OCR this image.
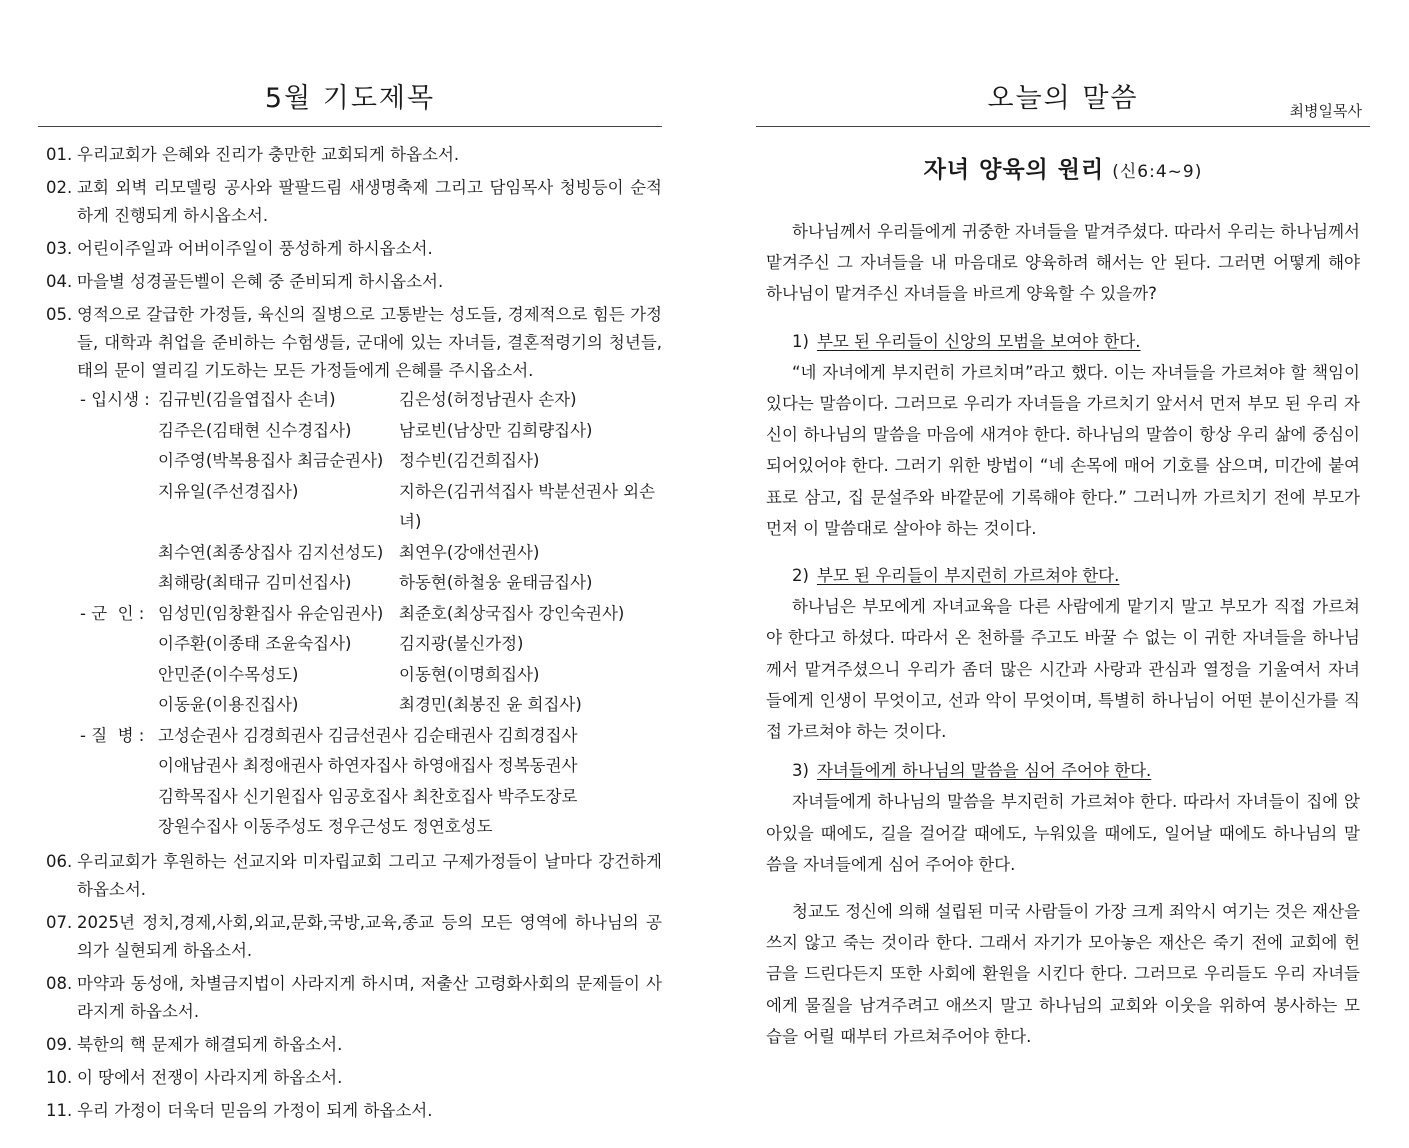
5월 기도제목
01. 우리교회가 은혜와 진리가 충만한 교회되게 하옵소서.
02. 교회 외벽 리모델링 공사와 팔팔드림 새생명축제 그리고 담임목사 청빙등이 순적하게 진행되게 하시옵소서.
03. 어린이주일과 어버이주일이 풍성하게 하시옵소서.
04. 마을별 성경골든벨이 은혜 중 준비되게 하시옵소서.
05. 영적으로 갈급한 가정들, 육신의 질병으로 고통받는 성도들, 경제적으로 힘든 가정들, 대학과 취업을 준비하는 수험생들, 군대에 있는 자녀들, 결혼적령기의 청년들, 태의 문이 열리길 기도하는 모든 가정들에게 은혜를 주시옵소서.
- 입시생 : 김규빈(김을엽집사 손녀)	김은성(허정남권사 손자)
김주은(김태현 신수경집사)	남로빈(남상만 김희량집사)
이주영(박복용집사 최금순권사) 정수빈(김건희집사)
지유일(주선경집사)	지하은(김귀석집사 박분선권사 외손녀)
최수연(최종상집사 김지선성도) 최연우(강애선권사)
최해랑(최태규 김미선집사)	하동현(하철웅 윤태금집사)
- 군  인 : 임성민(임창환집사 유순임권사) 최준호(최상국집사 강인숙권사)
이주환(이종태 조윤숙집사)	김지광(불신가정)
안민준(이수목성도)	이동현(이명희집사)
이동윤(이용진집사)	최경민(최봉진 윤 희집사)
- 질  병 : 고성순권사 김경희권사 김금선권사 김순태권사 김희경집사
이애남권사 최정애권사 하연자집사 하영애집사 정복동권사
김학목집사 신기원집사 임공호집사 최찬호집사 박주도장로
장원수집사 이동주성도 정우근성도 정연호성도
06. 우리교회가 후원하는 선교지와 미자립교회 그리고 구제가정들이 날마다 강건하게 하옵소서.
07. 2025년 정치,경제,사회,외교,문화,국방,교육,종교 등의 모든 영역에 하나님의 공의가 실현되게 하옵소서.
08. 마약과 동성애, 차별금지법이 사라지게 하시며, 저출산 고령화사회의 문제들이 사라지게 하옵소서.
09. 북한의 핵 문제가 해결되게 하옵소서.
10. 이 땅에서 전쟁이 사라지게 하옵소서.
11. 우리 가정이 더욱더 믿음의 가정이 되게 하옵소서.
오늘의 말씀	최병일목사
자녀 양육의 원리 (신6:4~9)

하나님께서 우리들에게 귀중한 자녀들을 맡겨주셨다. 따라서 우리는 하나님께서 맡겨주신 그 자녀들을 내 마음대로 양육하려 해서는 안 된다. 그러면 어떻게 해야 하나님이 맡겨주신 자녀들을 바르게 양육할 수 있을까?

1) 부모 된 우리들이 신앙의 모범을 보여야 한다.

“네 자녀에게 부지런히 가르치며”라고 했다. 이는 자녀들을 가르쳐야 할 책임이 있다는 말씀이다. 그러므로 우리가 자녀들을 가르치기 앞서서 먼저 부모 된 우리 자신이 하나님의 말씀을 마음에 새겨야 한다. 하나님의 말씀이 항상 우리 삶에 중심이 되어있어야 한다. 그러기 위한 방법이 “네 손목에 매어 기호를 삼으며, 미간에 붙여 표로 삼고, 집 문설주와 바깥문에 기록해야 한다.” 그러니까 가르치기 전에 부모가 먼저 이 말씀대로 살아야 하는 것이다.

2) 부모 된 우리들이 부지런히 가르쳐야 한다.

하나님은 부모에게 자녀교육을 다른 사람에게 맡기지 말고 부모가 직접 가르쳐야 한다고 하셨다. 따라서 온 천하를 주고도 바꿀 수 없는 이 귀한 자녀들을 하나님께서 맡겨주셨으니 우리가 좀더 많은 시간과 사랑과 관심과 열정을 기울여서 자녀들에게 인생이 무엇이고, 선과 악이 무엇이며, 특별히 하나님이 어떤 분이신가를 직접 가르쳐야 하는 것이다.

3) 자녀들에게 하나님의 말씀을 심어 주어야 한다.

자녀들에게 하나님의 말씀을 부지런히 가르쳐야 한다. 따라서 자녀들이 집에 앉아있을 때에도, 길을 걸어갈 때에도, 누워있을 때에도, 일어날 때에도 하나님의 말씀을 자녀들에게 심어 주어야 한다.

청교도 정신에 의해 설립된 미국 사람들이 가장 크게 죄악시 여기는 것은 재산을 쓰지 않고 죽는 것이라 한다. 그래서 자기가 모아놓은 재산은 죽기 전에 교회에 헌금을 드린다든지 또한 사회에 환원을 시킨다 한다. 그러므로 우리들도 우리 자녀들에게 물질을 남겨주려고 애쓰지 말고 하나님의 교회와 이웃을 위하여 봉사하는 모습을 어릴 때부터 가르쳐주어야 한다.
